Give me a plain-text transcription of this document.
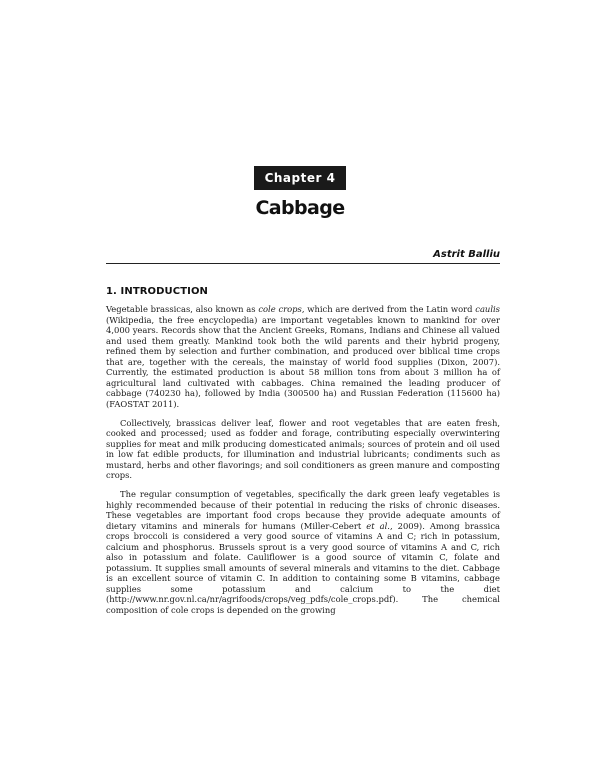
Chapter 4
Cabbage
Astrit Balliu
1. INTRODUCTION

Vegetable brassicas, also known as cole crops, which are derived from the Latin word caulis (Wikipedia, the free encyclopedia) are important vegetables known to mankind for over 4,000 years. Records show that the Ancient Greeks, Romans, Indians and Chinese all valued and used them greatly. Mankind took both the wild parents and their hybrid progeny, refined them by selection and further combination, and produced over biblical time crops that are, together with the cereals, the mainstay of world food supplies (Dixon, 2007). Currently, the estimated production is about 58 million tons from about 3 million ha of agricultural land cultivated with cabbages. China remained the leading producer of cabbage (740230 ha), followed by India (300500 ha) and Russian Federation (115600 ha) (FAOSTAT 2011).

Collectively, brassicas deliver leaf, flower and root vegetables that are eaten fresh, cooked and processed; used as fodder and forage, contributing especially overwintering supplies for meat and milk producing domesticated animals; sources of protein and oil used in low fat edible products, for illumination and industrial lubricants; condiments such as mustard, herbs and other flavorings; and soil conditioners as green manure and composting crops.

The regular consumption of vegetables, specifically the dark green leafy vegetables is highly recommended because of their potential in reducing the risks of chronic diseases. These vegetables are important food crops because they provide adequate amounts of dietary vitamins and minerals for humans (Miller-Cebert et al., 2009). Among brassica crops broccoli is considered a very good source of vitamins A and C; rich in potassium, calcium and phosphorus. Brussels sprout is a very good source of vitamins A and C, rich also in potassium and folate. Cauliflower is a good source of vitamin C, folate and potassium. It supplies small amounts of several minerals and vitamins to the diet. Cabbage is an excellent source of vitamin C. In addition to containing some B vitamins, cabbage supplies some potassium and calcium to the diet (http://www.nr.gov.nl.ca/nr/agrifoods/crops/veg_pdfs/cole_crops.pdf). The chemical composition of cole crops is depended on the growing
